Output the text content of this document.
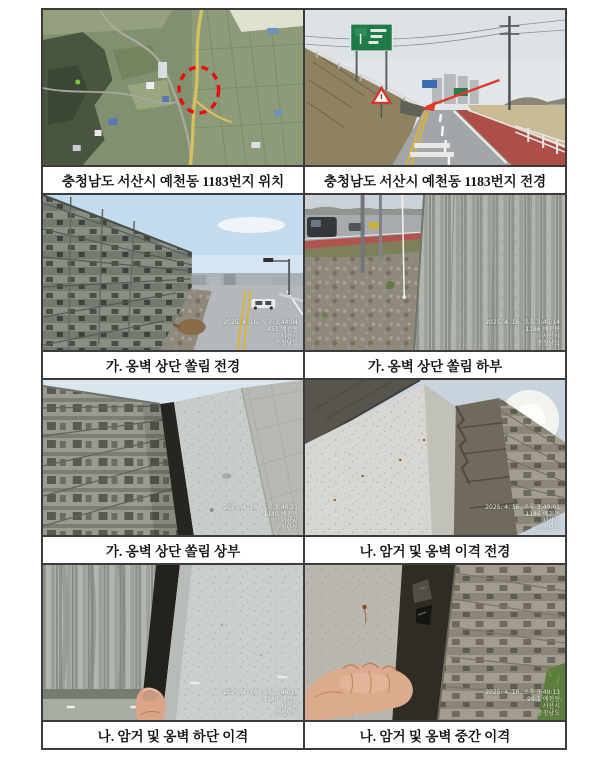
충청남도 서산시 예천동 1183번지 위치	충청남도 서산시 예천동 1183번지 전경

2025. 4. 16. 오후 3:44:04
451 예천동
서산시
충청남도

2025. 4. 16. 오후 3:45:14
1186 예천동
서산시
충청남도

가. 옹벽 상단 쏠림 전경	가. 옹벽 상단 쏠림 하부

2025. 4. 16. 오후 3:46:21
1140 예천동
서산시
충청남도

2025. 4. 16. 오후 3:49:01
1186 예천동
서산시
충청남도

가. 옹벽 상단 쏠림 상부	나. 암거 및 옹벽 이격 전경

2025. 4. 16. 오후 3:46:15
1140 예천동
서산시
충청남도

2025. 4. 16. 오후 3:49:13
99-1 예천동
서산시
충청남도

나. 암거 및 옹벽 하단 이격	나. 암거 및 옹벽 중간 이격
